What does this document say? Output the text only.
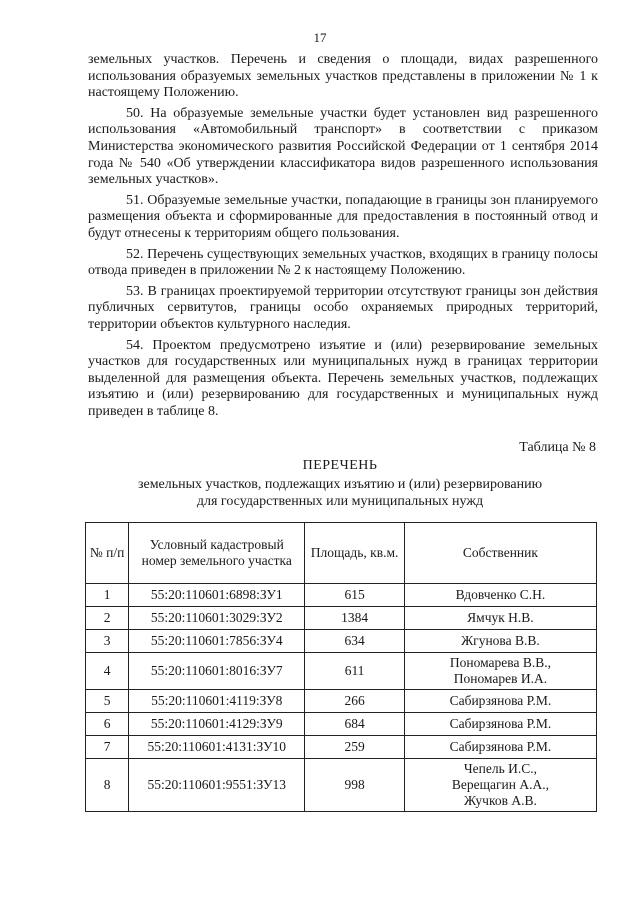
17

земельных участков. Перечень и сведения о площади, видах разрешенного использования образуемых земельных участков представлены в приложении № 1 к настоящему Положению.

50. На образуемые земельные участки будет установлен вид разрешенного использования «Автомобильный транспорт» в соответствии с приказом Министерства экономического развития Российской Федерации от 1 сентября 2014 года № 540 «Об утверждении классификатора видов разрешенного использования земельных участков».

51. Образуемые земельные участки, попадающие в границы зон планируемого размещения объекта и сформированные для предоставления в постоянный отвод и будут отнесены к территориям общего пользования.

52. Перечень существующих земельных участков, входящих в границу полосы отвода приведен в приложении № 2 к настоящему Положению.

53. В границах проектируемой территории отсутствуют границы зон действия публичных сервитутов, границы особо охраняемых природных территорий, территории объектов культурного наследия.

54. Проектом предусмотрено изъятие и (или) резервирование земельных участков для государственных или муниципальных нужд в границах территории выделенной для размещения объекта. Перечень земельных участков, подлежащих изъятию и (или) резервированию для государственных и муниципальных нужд приведен в таблице 8.

Таблица № 8
ПЕРЕЧЕНЬ
земельных участков, подлежащих изъятию и (или) резервированию
для государственных или муниципальных нужд
№ п/п	Условный кадастровый номер земельного участка	Площадь, кв.м.	Собственник
1	55:20:110601:6898:ЗУ1	615	Вдовченко С.Н.

2	55:20:110601:3029:ЗУ2	1384	Ямчук Н.В.

3	55:20:110601:7856:ЗУ4	634	Жгунова В.В.

4	55:20:110601:8016:ЗУ7	611	Пономарева В.В.,
Пономарев И.А.

5	55:20:110601:4119:ЗУ8	266	Сабирзянова Р.М.

6	55:20:110601:4129:ЗУ9	684	Сабирзянова Р.М.

7	55:20:110601:4131:ЗУ10	259	Сабирзянова Р.М.

8	55:20:110601:9551:ЗУ13	998	Чепель И.С.,
Верещагин А.А.,
Жучков А.В.
